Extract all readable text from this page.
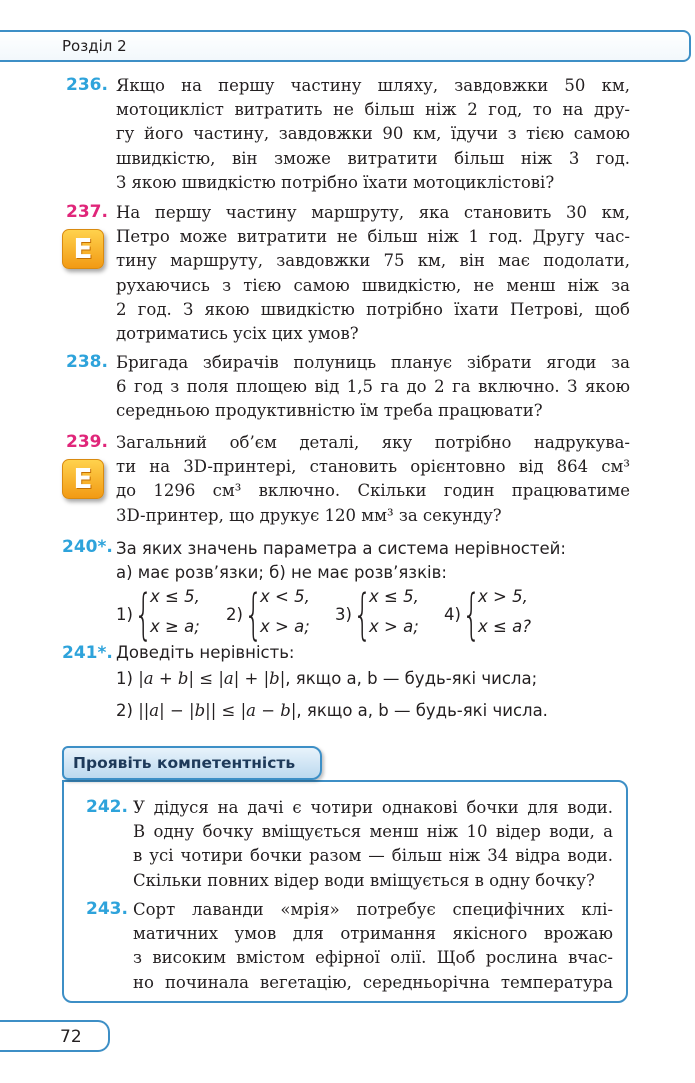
Розділ 2
236. Якщо на першу частину шляху, завдовжки 50 км,
мотоцикліст витратить не більш ніж 2 год, то на дру-
гу його частину, завдовжки 90 км, їдучи з тією самою
швидкістю, він зможе витратити більш ніж 3 год.
З якою швидкістю потрібно їхати мотоциклістові?
237.
Е
На першу частину маршруту, яка становить 30 км,
Петро може витратити не більш ніж 1 год. Другу час-
тину маршруту, завдовжки 75 км, він має подолати,
рухаючись з тією самою швидкістю, не менш ніж за
2 год. З якою швидкістю потрібно їхати Петрові, щоб
дотриматись усіх цих умов?
238. Бригада збирачів полуниць планує зібрати ягоди за
6 год з поля площею від 1,5 га до 2 га включно. З якою
середньою продуктивністю їм треба працювати?
239.
Е
Загальний об’єм деталі, яку потрібно надрукува-
ти на 3D-принтері, становить орієнтовно від 864 см³
до 1296 см³ включно. Скільки годин працюватиме
3D-принтер, що друкує 120 мм³ за секунду?
240*. За яких значень параметра a система нерівностей:
а) має розв’язки; б) не має розв’язків:
1) {
x ≤ 5,
x ≥ a;
2) {
x < 5,
x > a;
3) {
x ≤ 5,
x > a;
4) {
x > 5,
x ≤ a?
241*. Доведіть нерівність:
1) |a + b| ≤ |a| + |b|, якщо a, b — будь-які числа;
2) ||a| − |b|| ≤ |a − b|, якщо a, b — будь-які числа.
Проявіть компетентність
242. У дідуся на дачі є чотири однакові бочки для води.
В одну бочку вміщується менш ніж 10 відер води, а
в усі чотири бочки разом — більш ніж 34 відра води.
Скільки повних відер води вміщується в одну бочку?
243. Сорт лаванди «мрія» потребує специфічних клі-
матичних умов для отримання якісного врожаю
з високим вмістом ефірної олії. Щоб рослина вчас-
но починала вегетацію, середньорічна температура
72
